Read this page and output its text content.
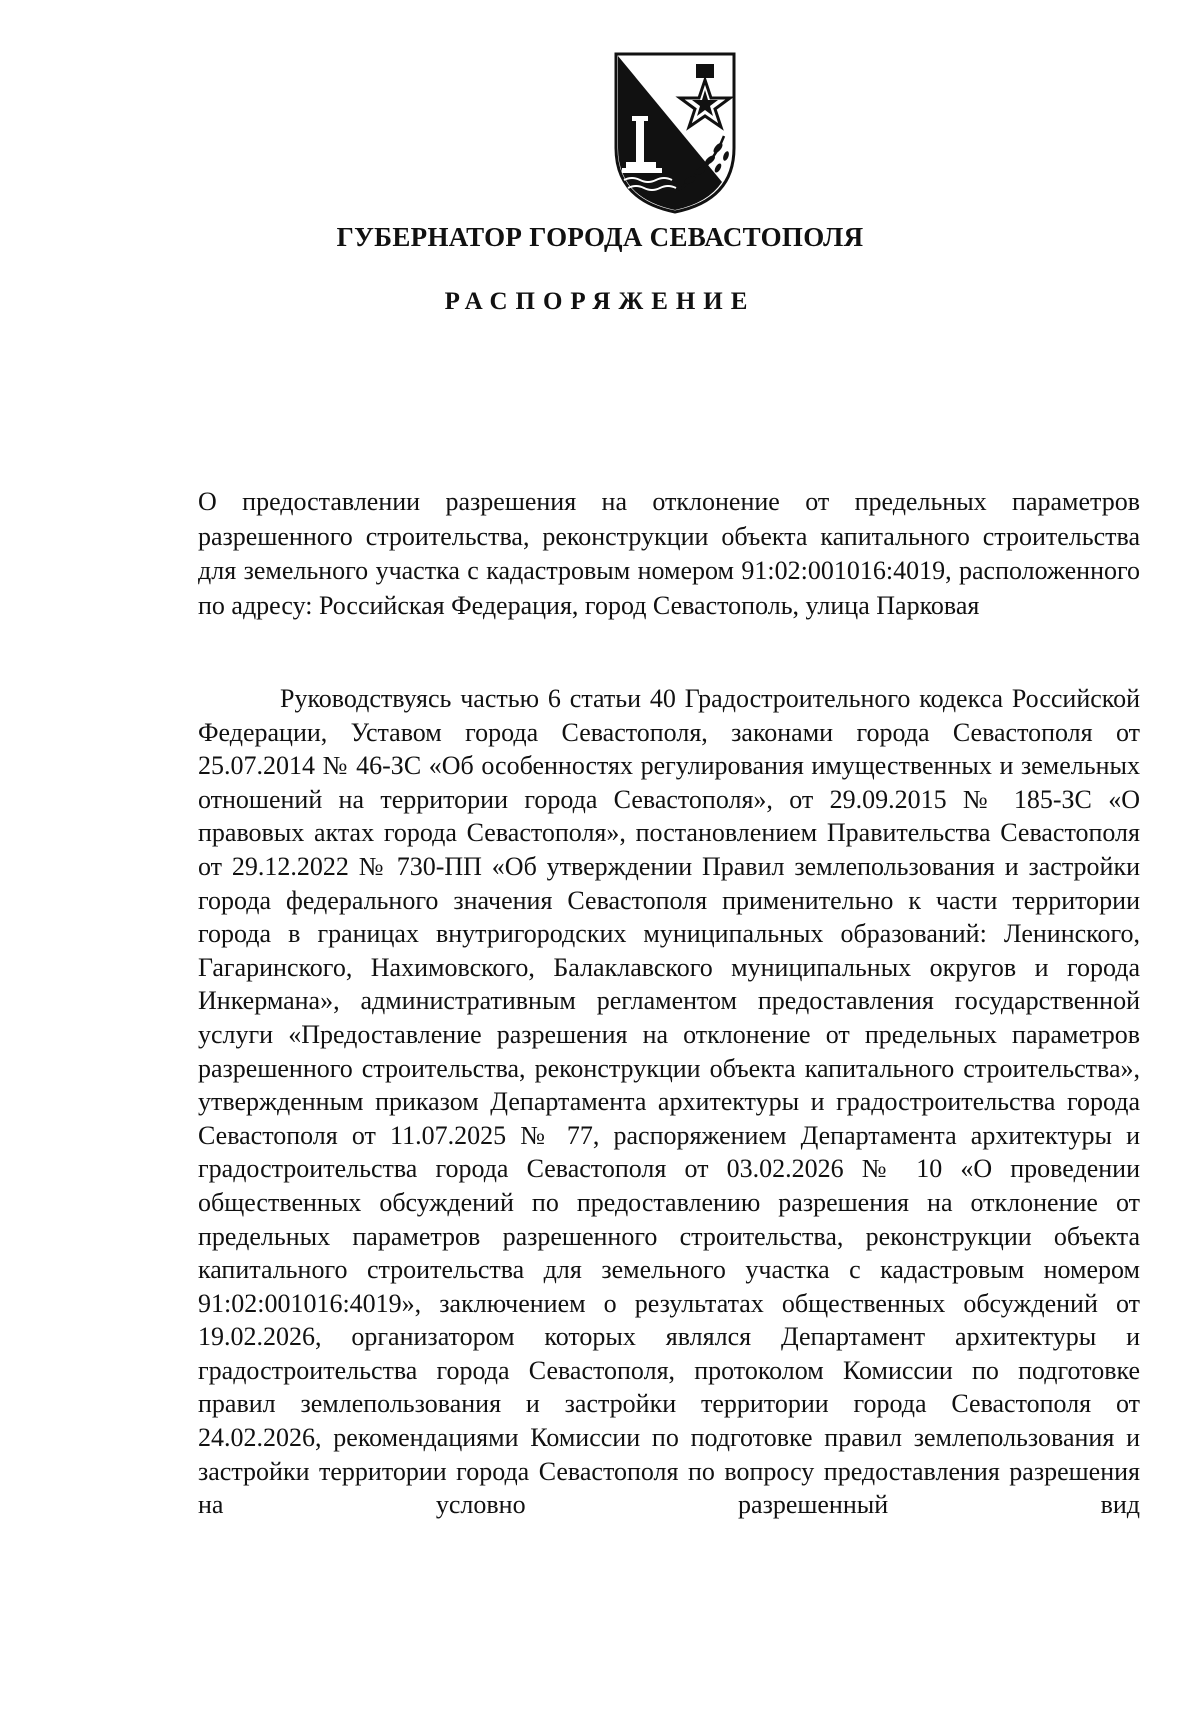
ГУБЕРНАТОР ГОРОДА СЕВАСТОПОЛЯ
РАСПОРЯЖЕНИЕ

О предоставлении разрешения на отклонение от предельных параметров разрешенного строительства, реконструкции объекта капитального строительства для земельного участка с кадастровым номером 91:02:001016:4019, расположенного по адресу: Российская Федерация, город Севастополь, улица Парковая

Руководствуясь частью 6 статьи 40 Градостроительного кодекса Российской Федерации, Уставом города Севастополя, законами города Севастополя от 25.07.2014 № 46-ЗС «Об особенностях регулирования имущественных и земельных отношений на территории города Севастополя», от 29.09.2015 № 185-ЗС «О правовых актах города Севастополя», постановлением Правительства Севастополя от 29.12.2022 № 730-ПП «Об утверждении Правил землепользования и застройки города федерального значения Севастополя применительно к части территории города в границах внутригородских муниципальных образований: Ленинского, Гагаринского, Нахимовского, Балаклавского муниципальных округов и города Инкермана», административным регламентом предоставления государственной услуги «Предоставление разрешения на отклонение от предельных параметров разрешенного строительства, реконструкции объекта капитального строительства», утвержденным приказом Департамента архитектуры и градостроительства города Севастополя от 11.07.2025 № 77, распоряжением Департамента архитектуры и градостроительства города Севастополя от 03.02.2026 № 10 «О проведении общественных обсуждений по предоставлению разрешения на отклонение от предельных параметров разрешенного строительства, реконструкции объекта капитального строительства для земельного участка с кадастровым номером 91:02:001016:4019», заключением о результатах общественных обсуждений от 19.02.2026, организатором которых являлся Департамент архитектуры и градостроительства города Севастополя, протоколом Комиссии по подготовке правил землепользования и застройки территории города Севастополя от 24.02.2026, рекомендациями Комиссии по подготовке правил землепользования и застройки территории города Севастополя по вопросу предоставления разрешения на условно разрешенный вид
